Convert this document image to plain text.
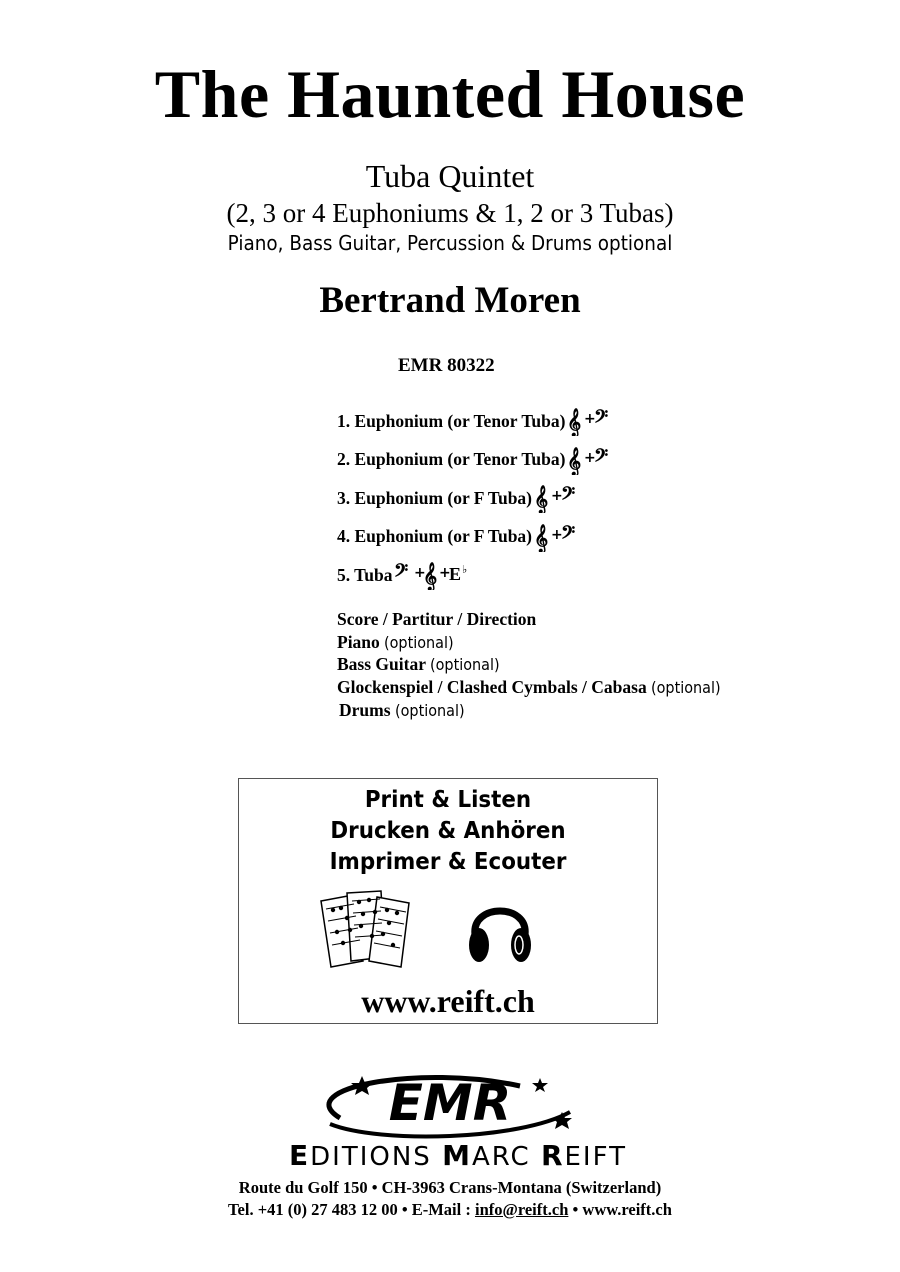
The Haunted House
Tuba Quintet
(2, 3 or 4 Euphoniums & 1, 2 or 3 Tubas)
Piano, Bass Guitar, Percussion & Drums optional
Bertrand Moren
EMR 80322
1. Euphonium (or Tenor Tuba) 𝄞 +
𝄢
2. Euphonium (or Tenor Tuba) 𝄞 +
𝄢
3. Euphonium (or F Tuba) 𝄞 +
𝄢
4. Euphonium (or F Tuba) 𝄞 +
𝄢
5. Tuba 𝄢 +
𝄞 +
E ♭
Score / Partitur / Direction
Piano (optional)
Bass Guitar (optional)
Glockenspiel / Clashed Cymbals / Cabasa (optional)
Drums (optional)
Print & Listen
Drucken & Anhören
Imprimer & Ecouter
www.reift.ch
EMR
EDITIONS MARC REIFT
Route du Golf 150 • CH-3963 Crans-Montana (Switzerland)
Tel. +41 (0) 27 483 12 00 • E-Mail : info@reift.ch • www.reift.ch
